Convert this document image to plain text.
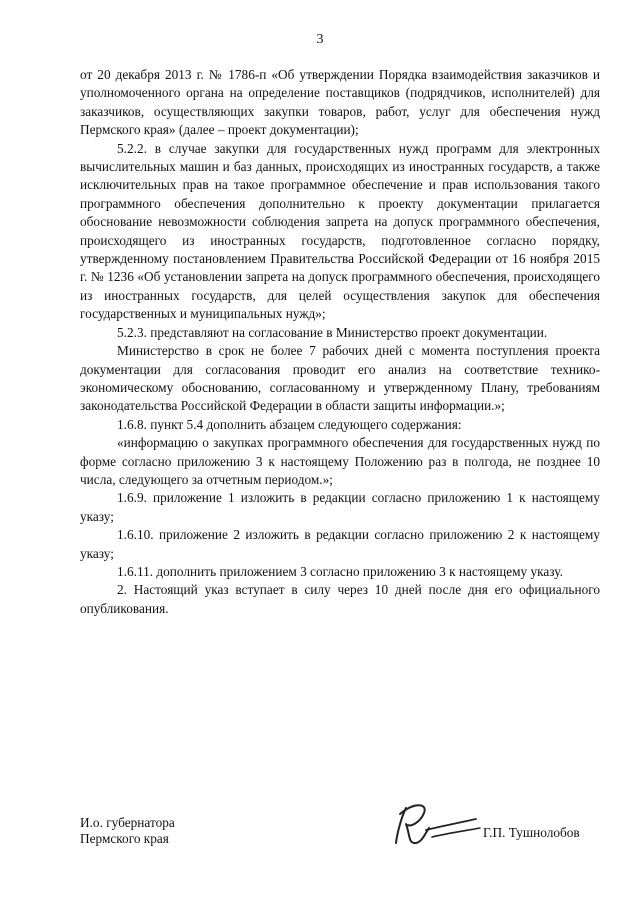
3

от 20 декабря 2013 г. № 1786-п «Об утверждении Порядка взаимодействия заказчиков и уполномоченного органа на определение поставщиков (подрядчиков, исполнителей) для заказчиков, осуществляющих закупки товаров, работ, услуг для обеспечения нужд Пермского края» (далее – проект документации);

5.2.2. в случае закупки для государственных нужд программ для электронных вычислительных машин и баз данных, происходящих из иностранных государств, а также исключительных прав на такое программное обеспечение и прав использования такого программного обеспечения дополнительно к проекту документации прилагается обоснование невозможности соблюдения запрета на допуск программного обеспечения, происходящего из иностранных государств, подготовленное согласно порядку, утвержденному постановлением Правительства Российской Федерации от 16 ноября 2015 г. № 1236 «Об установлении запрета на допуск программного обеспечения, происходящего из иностранных государств, для целей осуществления закупок для обеспечения государственных и муниципальных нужд»;

5.2.3. представляют на согласование в Министерство проект документации.

Министерство в срок не более 7 рабочих дней с момента поступления проекта документации для согласования проводит его анализ на соответствие технико-экономическому обоснованию, согласованному и утвержденному Плану, требованиям законодательства Российской Федерации в области защиты информации.»;

1.6.8. пункт 5.4 дополнить абзацем следующего содержания:

«информацию о закупках программного обеспечения для государственных нужд по форме согласно приложению 3 к настоящему Положению раз в полгода, не позднее 10 числа, следующего за отчетным периодом.»;

1.6.9. приложение 1 изложить в редакции согласно приложению 1 к настоящему указу;

1.6.10. приложение 2 изложить в редакции согласно приложению 2 к настоящему указу;

1.6.11. дополнить приложением 3 согласно приложению 3 к настоящему указу.

2. Настоящий указ вступает в силу через 10 дней после дня его официального опубликования.

И.о. губернатора
Пермского края	Г.П. Тушнолобов
